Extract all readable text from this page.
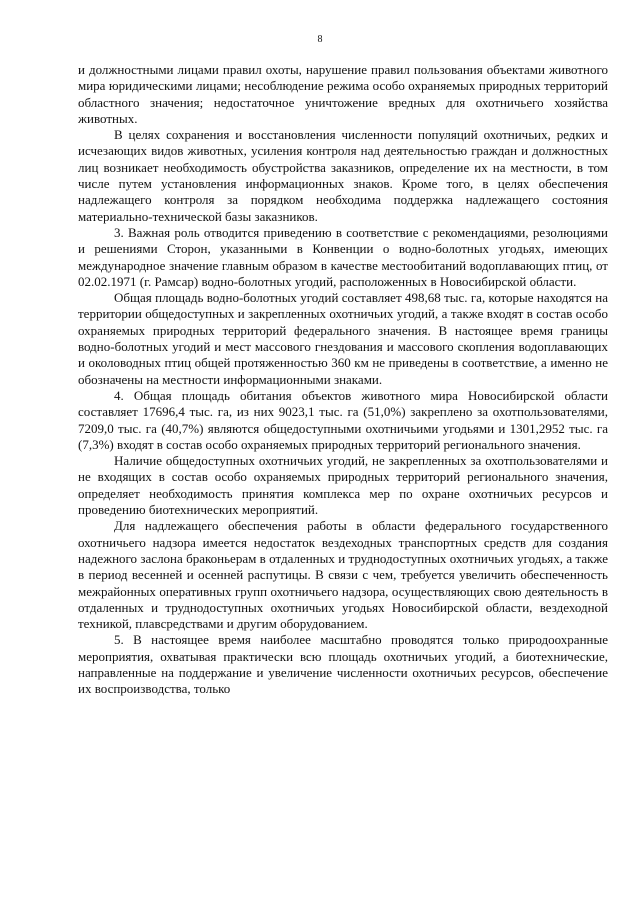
8

и должностными лицами правил охоты, нарушение правил пользования объектами животного мира юридическими лицами; несоблюдение режима особо охраняемых природных территорий областного значения; недостаточное уничтожение вредных для охотничьего хозяйства животных.

В целях сохранения и восстановления численности популяций охотничьих, редких и исчезающих видов животных, усиления контроля над деятельностью граждан и должностных лиц возникает необходимость обустройства заказников, определение их на местности, в том числе путем установления информационных знаков. Кроме того, в целях обеспечения надлежащего контроля за порядком необходима поддержка надлежащего состояния материально-технической базы заказников.

3. Важная роль отводится приведению в соответствие с рекомендациями, резолюциями и решениями Сторон, указанными в Конвенции о водно-болотных угодьях, имеющих международное значение главным образом в качестве местообитаний водоплавающих птиц, от 02.02.1971 (г. Рамсар) водно-болотных угодий, расположенных в Новосибирской области.

Общая площадь водно-болотных угодий составляет 498,68 тыс. га, которые находятся на территории общедоступных и закрепленных охотничьих угодий, а также входят в состав особо охраняемых природных территорий федерального значения. В настоящее время границы водно-болотных угодий и мест массового гнездования и массового скопления водоплавающих и околоводных птиц общей протяженностью 360 км не приведены в соответствие, а именно не обозначены на местности информационными знаками.

4. Общая площадь обитания объектов животного мира Новосибирской области составляет 17696,4 тыс. га, из них 9023,1 тыс. га (51,0%) закреплено за охотпользователями, 7209,0 тыс. га (40,7%) являются общедоступными охотничьими угодьями и 1301,2952 тыс. га (7,3%) входят в состав особо охраняемых природных территорий регионального значения.

Наличие общедоступных охотничьих угодий, не закрепленных за охотпользователями и не входящих в состав особо охраняемых природных территорий регионального значения, определяет необходимость принятия комплекса мер по охране охотничьих ресурсов и проведению биотехнических мероприятий.

Для надлежащего обеспечения работы в области федерального государственного охотничьего надзора имеется недостаток вездеходных транспортных средств для создания надежного заслона браконьерам в отдаленных и труднодоступных охотничьих угодьях, а также в период весенней и осенней распутицы. В связи с чем, требуется увеличить обеспеченность межрайонных оперативных групп охотничьего надзора, осуществляющих свою деятельность в отдаленных и труднодоступных охотничьих угодьях Новосибирской области, вездеходной техникой, плавсредствами и другим оборудованием.

5. В настоящее время наиболее масштабно проводятся только природоохранные мероприятия, охватывая практически всю площадь охотничьих угодий, а биотехнические, направленные на поддержание и увеличение численности охотничьих ресурсов, обеспечение их воспроизводства, только
